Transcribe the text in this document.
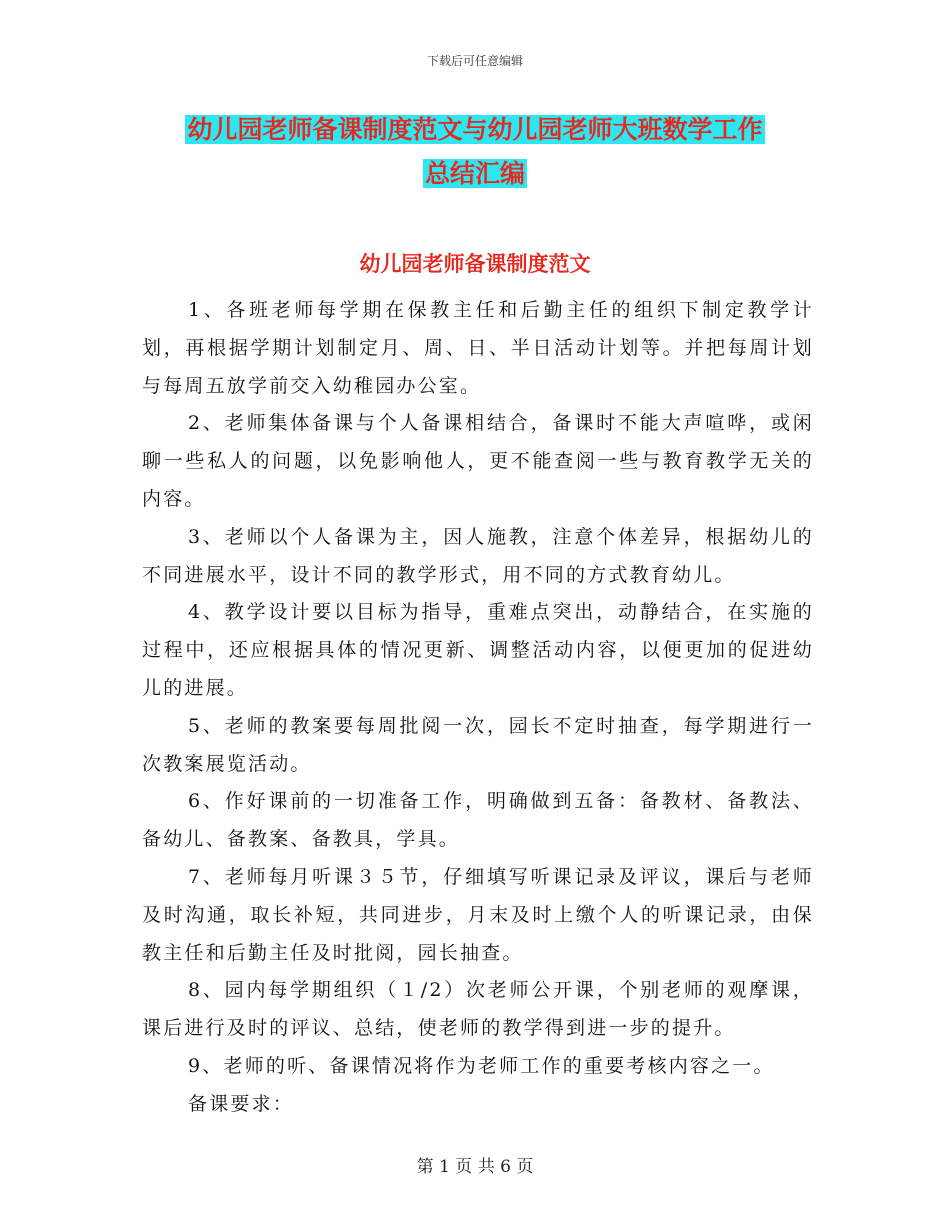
下载后可任意编辑
幼儿园老师备课制度范文与幼儿园老师大班数学工作
总结汇编
幼儿园老师备课制度范文

1、各班老师每学期在保教主任和后勤主任的组织下制定教学计划，再根据学期计划制定月、周、日、半日活动计划等。并把每周计划与每周五放学前交入幼稚园办公室。

2、老师集体备课与个人备课相结合，备课时不能大声喧哗，或闲聊一些私人的问题，以免影响他人，更不能查阅一些与教育教学无关的内容。

3、老师以个人备课为主，因人施教，注意个体差异，根据幼儿的不同进展水平，设计不同的教学形式，用不同的方式教育幼儿。

4、教学设计要以目标为指导，重难点突出，动静结合，在实施的过程中，还应根据具体的情况更新、调整活动内容，以便更加的促进幼儿的进展。

5、老师的教案要每周批阅一次，园长不定时抽查，每学期进行一次教案展览活动。

6、作好课前的一切准备工作，明确做到五备：备教材、备教法、备幼儿、备教案、备教具，学具。

7、老师每月听课３５节，仔细填写听课记录及评议，课后与老师及时沟通，取长补短，共同进步，月末及时上缴个人的听课记录，由保教主任和后勤主任及时批阅，园长抽查。

8、园内每学期组织（１/2）次老师公开课，个别老师的观摩课，课后进行及时的评议、总结，使老师的教学得到进一步的提升。

9、老师的听、备课情况将作为老师工作的重要考核内容之一。

备课要求：

第 1 页 共 6 页
